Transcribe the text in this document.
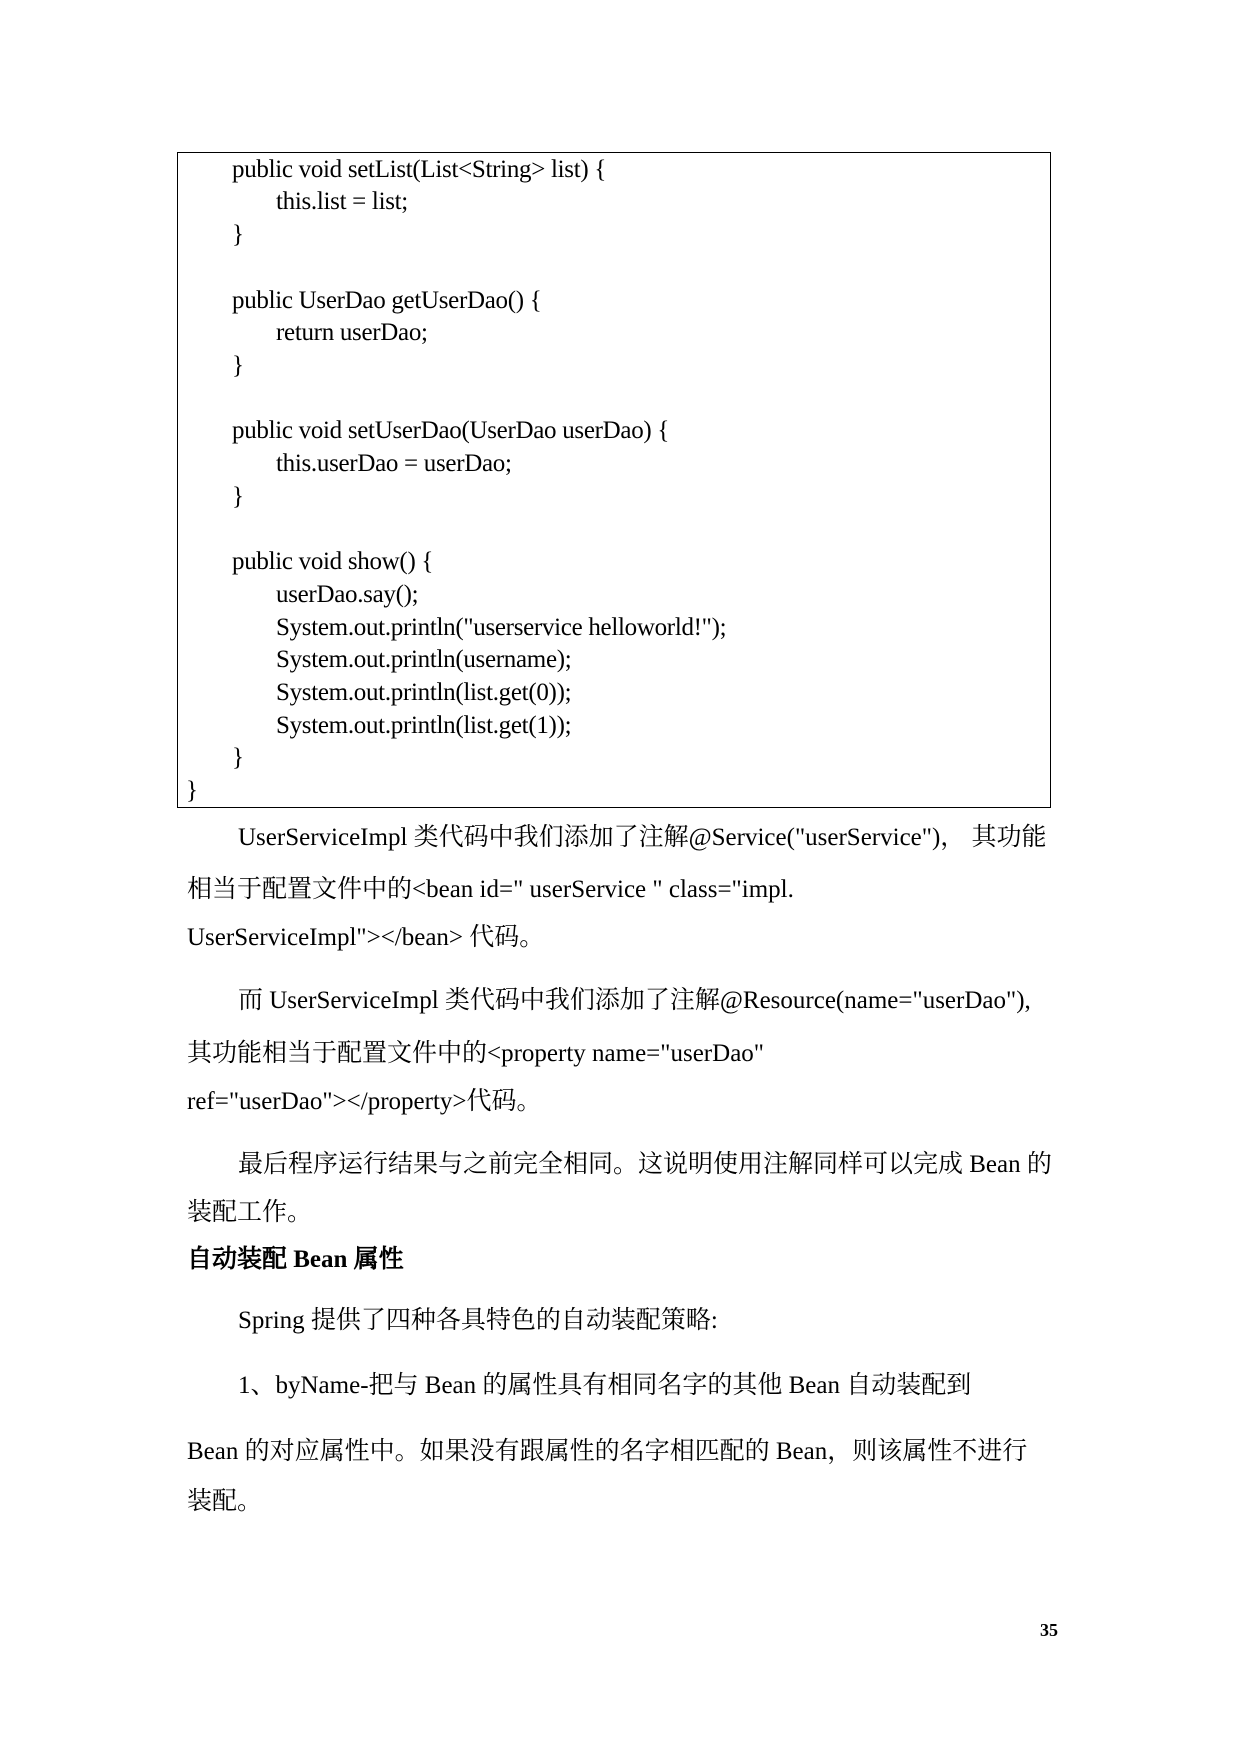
public void setList(List<String> list) {
this.list = list;
}
public UserDao getUserDao() {
return userDao;
}
public void setUserDao(UserDao userDao) {
this.userDao = userDao;
}
public void show() {
userDao.say();
System.out.println("userservice helloworld!");
System.out.println(username);
System.out.println(list.get(0));
System.out.println(list.get(1));
}
}
UserServiceImpl 类代码中我们添加了注解@Service("userService")， 其功能
相当于配置文件中的<bean id=" userService " class="impl.
UserServiceImpl"></bean> 代码。
而 UserServiceImpl 类代码中我们添加了注解@Resource(name="userDao"),
其功能相当于配置文件中的<property name="userDao"
ref="userDao"></property>代码。
最后程序运行结果与之前完全相同。这说明使用注解同样可以完成 Bean 的
装配工作。
自动装配 Bean 属性
Spring 提供了四种各具特色的自动装配策略:
1、byName-把与 Bean 的属性具有相同名字的其他 Bean 自动装配到
Bean 的对应属性中。如果没有跟属性的名字相匹配的 Bean，则该属性不进行
装配。
35
